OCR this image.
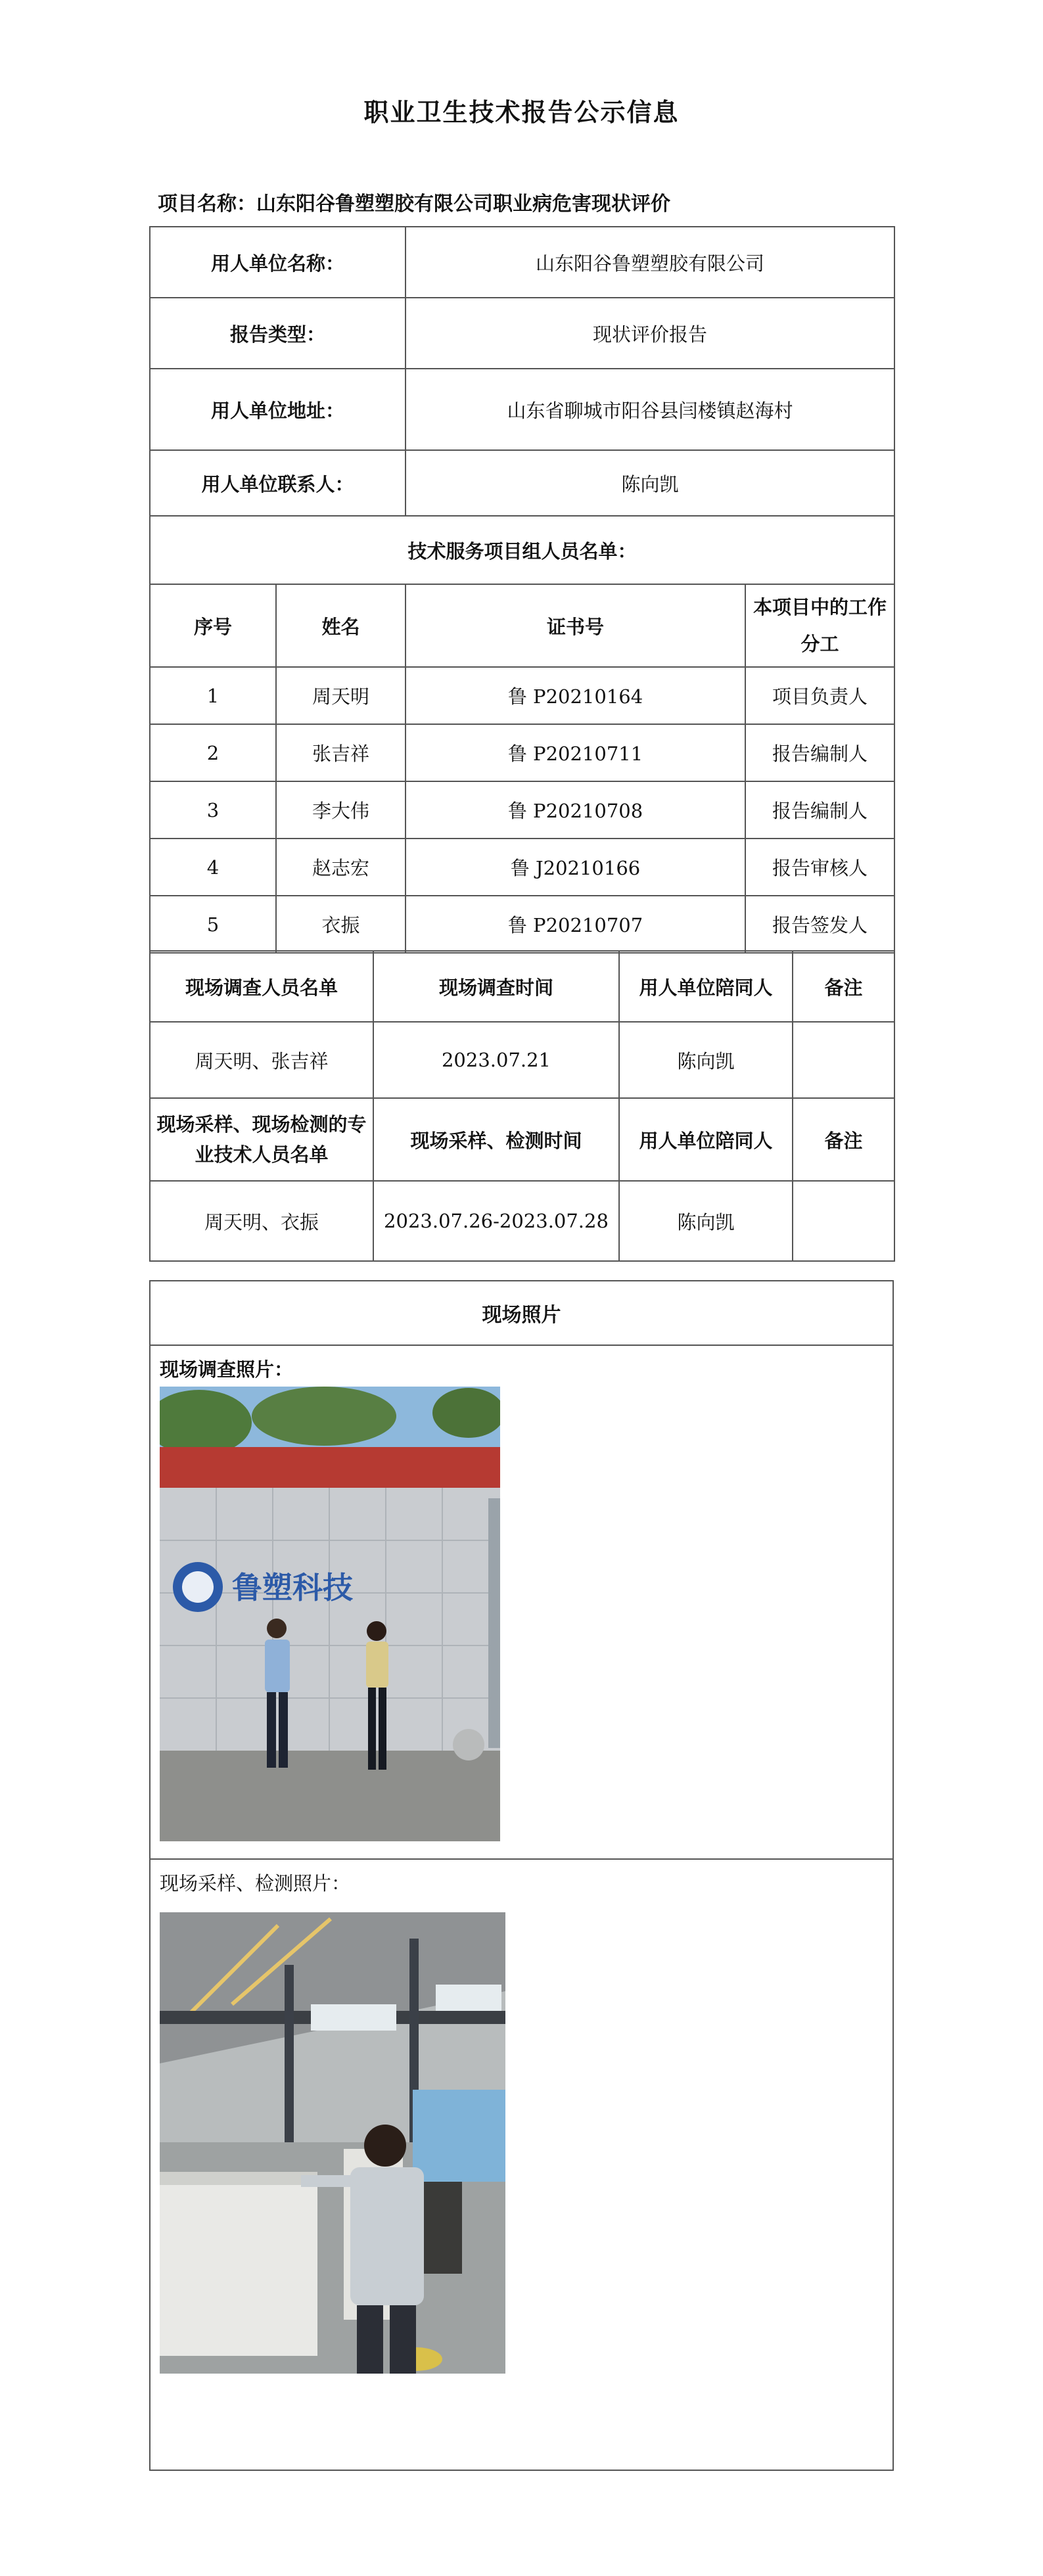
职业卫生技术报告公示信息
项目名称：山东阳谷鲁塑塑胶有限公司职业病危害现状评价
用人单位名称：		山东阳谷鲁塑塑胶有限公司	
报告类型：		现状评价报告	
用人单位地址：		山东省聊城市阳谷县闫楼镇赵海村	
用人单位联系人：		陈向凯	
技术服务项目组人员名单：			
序号	姓名	证书号	本项目中的工作分工
1	周天明	鲁 P20210164	项目负责人
2	张吉祥	鲁 P20210711	报告编制人
3	李大伟	鲁 P20210708	报告编制人
4	赵志宏	鲁 J20210166	报告审核人
5	衣振	鲁 P20210707	报告签发人
现场调查人员名单	现场调查时间	用人单位陪同人	备注
周天明、张吉祥	2023.07.21	陈向凯	
现场采样、现场检测的专业技术人员名单	现场采样、检测时间	用人单位陪同人	备注
周天明、衣振	2023.07.26-2023.07.28	陈向凯	
现场照片
现场调查照片：
鲁塑科技
现场采样、检测照片：
